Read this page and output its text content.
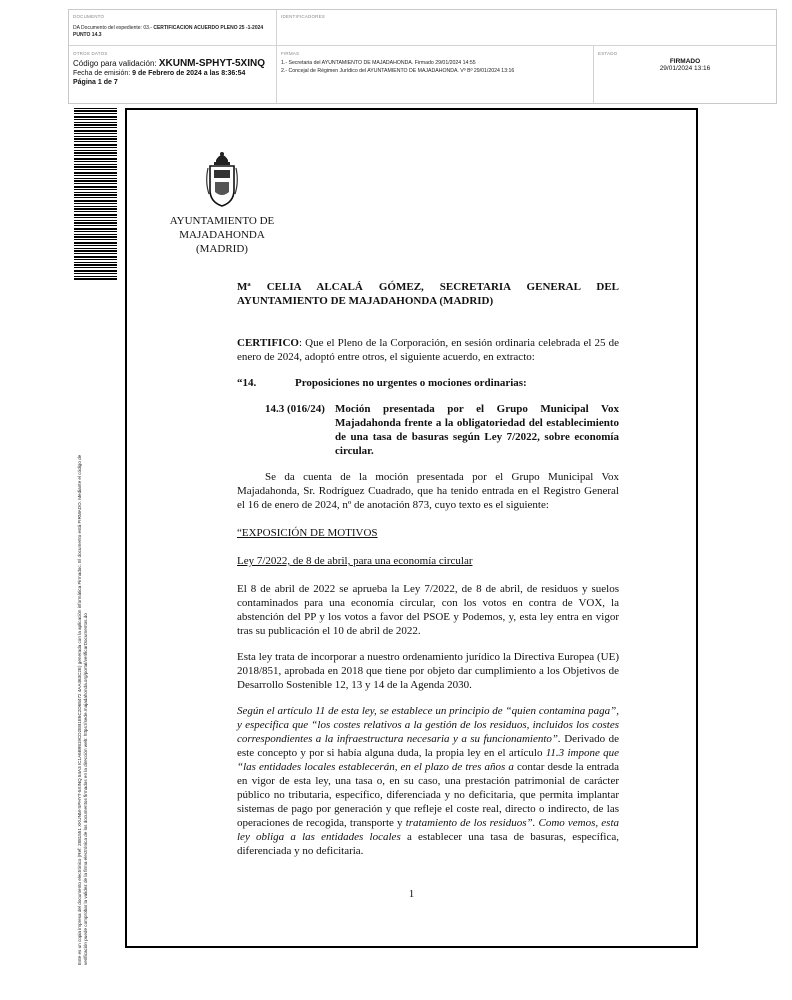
DOCUMENTO
DA Documento del expediente: 03.- CERTIFICACION ACUERDO PLENO 25 -1-2024 PUNTO 14.3
IDENTIFICADORES
OTROS DATOS
Código para validación: XKUNM-SPHYT-5XINQ
Fecha de emisión: 9 de Febrero de 2024 a las 8:36:54
Página 1 de 7
FIRMAS
1.- Secretaria del AYUNTAMIENTO DE MAJADAHONDA. Firmado 29/01/2024 14:55
2.- Concejal de Régimen Jurídico del AYUNTAMIENTO DE MAJADAHONDA. Vº Bº 29/01/2024 13:16
ESTADO
FIRMADO
29/01/2024 13:16
Este es un copia impresa del documento electrónico (Ref: 2881551 XKUNM-SPHYT-5XINQ 54A3 IC1A6B9819CD2EB1E6C2D68472 4AA463C2E) generada con la aplicación informática Firmadoc. El documento está FIRMADO. Mediante el código de verificación puede comprobar la validez de la firma electrónica de los documentos firmados en la dirección web: https://sede.majadahonda.org/portal/verificarDocumentos.do
AYUNTAMIENTO DE
MAJADAHONDA
(MADRID)
Mª CELIA ALCALÁ GÓMEZ, SECRETARIA GENERAL DEL
AYUNTAMIENTO DE MAJADAHONDA (MADRID)

CERTIFICO: Que el Pleno de la Corporación, en sesión ordinaria celebrada el 25 de enero de 2024, adoptó entre otros, el siguiente acuerdo, en extracto:

“14.	Proposiciones no urgentes o mociones ordinarias:
14.3 (016/24) Moción presentada por el Grupo Municipal Vox Majadahonda frente a la obligatoriedad del establecimiento de una tasa de basuras según Ley 7/2022, sobre economía circular.

Se da cuenta de la moción presentada por el Grupo Municipal Vox Majadahonda, Sr. Rodríguez Cuadrado, que ha tenido entrada en el Registro General el 16 de enero de 2024, nº de anotación 873, cuyo texto es el siguiente:

“EXPOSICIÓN DE MOTIVOS

Ley 7/2022, de 8 de abril, para una economía circular

El 8 de abril de 2022 se aprueba la Ley 7/2022, de 8 de abril, de residuos y suelos contaminados para una economía circular, con los votos en contra de VOX, la abstención del PP y los votos a favor del PSOE y Podemos, y, esta ley entra en vigor tras su publicación el 10 de abril de 2022.

Esta ley trata de incorporar a nuestro ordenamiento jurídico la Directiva Europea (UE) 2018/851, aprobada en 2018 que tiene por objeto dar cumplimiento a los Objetivos de Desarrollo Sostenible 12, 13 y 14 de la Agenda 2030.

Según el artículo 11 de esta ley, se establece un principio de “quien contamina paga”, y especifica que “los costes relativos a la gestión de los residuos, incluidos los costes correspondientes a la infraestructura necesaria y a su funcionamiento”. Derivado de este concepto y por si había alguna duda, la propia ley en el artículo 11.3 impone que “las entidades locales establecerán, en el plazo de tres años a contar desde la entrada en vigor de esta ley, una tasa o, en su caso, una prestación patrimonial de carácter público no tributaria, específico, diferenciada y no deficitaria, que permita implantar sistemas de pago por generación y que refleje el coste real, directo o indirecto, de las operaciones de recogida, transporte y tratamiento de los residuos”. Como vemos, esta ley obliga a las entidades locales a establecer una tasa de basuras, específica, diferenciada y no deficitaria.

1
